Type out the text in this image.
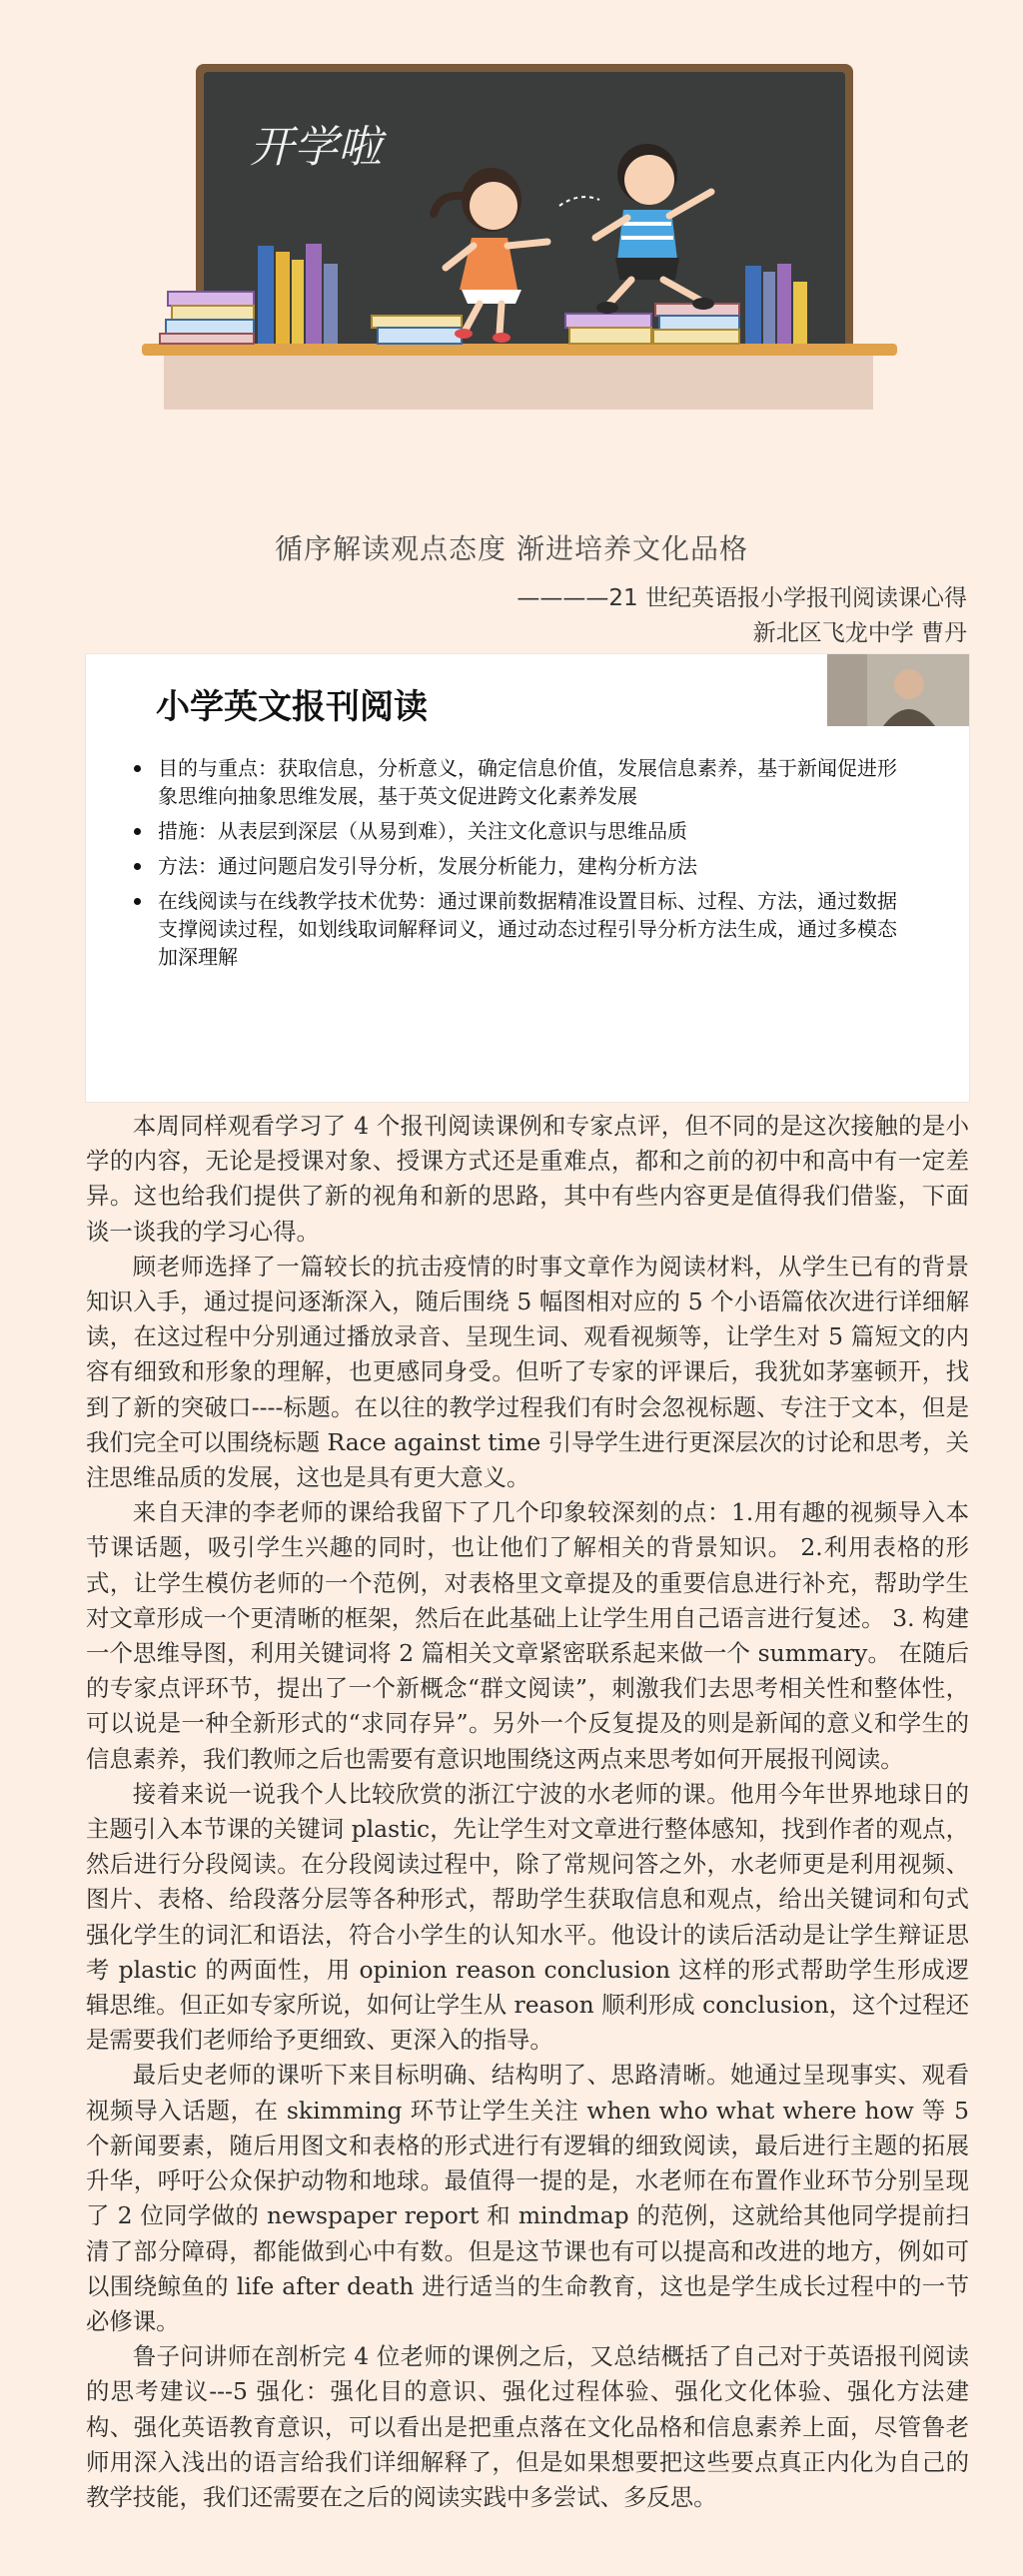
开学啦
循序解读观点态度 渐进培养文化品格
————21 世纪英语报小学报刊阅读课心得
新北区飞龙中学 曹丹
小学英文报刊阅读
目的与重点：获取信息，分析意义，确定信息价值，发展信息素养，基于新闻促进形象思维向抽象思维发展，基于英文促进跨文化素养发展
措施：从表层到深层（从易到难），关注文化意识与思维品质
方法：通过问题启发引导分析，发展分析能力，建构分析方法
在线阅读与在线教学技术优势：通过课前数据精准设置目标、过程、方法，通过数据支撑阅读过程，如划线取词解释词义，通过动态过程引导分析方法生成，通过多模态加深理解

本周同样观看学习了 4 个报刊阅读课例和专家点评，但不同的是这次接触的是小学的内容，无论是授课对象、授课方式还是重难点，都和之前的初中和高中有一定差异。这也给我们提供了新的视角和新的思路，其中有些内容更是值得我们借鉴，下面谈一谈我的学习心得。

顾老师选择了一篇较长的抗击疫情的时事文章作为阅读材料，从学生已有的背景知识入手，通过提问逐渐深入，随后围绕 5 幅图相对应的 5 个小语篇依次进行详细解读，在这过程中分别通过播放录音、呈现生词、观看视频等，让学生对 5 篇短文的内容有细致和形象的理解，也更感同身受。但听了专家的评课后，我犹如茅塞顿开，找到了新的突破口----标题。在以往的教学过程我们有时会忽视标题、专注于文本，但是我们完全可以围绕标题 Race against time 引导学生进行更深层次的讨论和思考，关注思维品质的发展，这也是具有更大意义。

来自天津的李老师的课给我留下了几个印象较深刻的点：1.用有趣的视频导入本节课话题，吸引学生兴趣的同时，也让他们了解相关的背景知识。 2.利用表格的形式，让学生模仿老师的一个范例，对表格里文章提及的重要信息进行补充，帮助学生对文章形成一个更清晰的框架，然后在此基础上让学生用自己语言进行复述。 3. 构建一个思维导图，利用关键词将 2 篇相关文章紧密联系起来做一个 summary。 在随后的专家点评环节，提出了一个新概念“群文阅读”，刺激我们去思考相关性和整体性，可以说是一种全新形式的“求同存异”。另外一个反复提及的则是新闻的意义和学生的信息素养，我们教师之后也需要有意识地围绕这两点来思考如何开展报刊阅读。

接着来说一说我个人比较欣赏的浙江宁波的水老师的课。他用今年世界地球日的主题引入本节课的关键词 plastic，先让学生对文章进行整体感知，找到作者的观点，然后进行分段阅读。在分段阅读过程中，除了常规问答之外，水老师更是利用视频、图片、表格、给段落分层等各种形式，帮助学生获取信息和观点，给出关键词和句式强化学生的词汇和语法，符合小学生的认知水平。他设计的读后活动是让学生辩证思考 plastic 的两面性，用 opinion reason conclusion 这样的形式帮助学生形成逻辑思维。但正如专家所说，如何让学生从 reason 顺利形成 conclusion，这个过程还是需要我们老师给予更细致、更深入的指导。

最后史老师的课听下来目标明确、结构明了、思路清晰。她通过呈现事实、观看视频导入话题，在 skimming 环节让学生关注 when who what where how 等 5 个新闻要素，随后用图文和表格的形式进行有逻辑的细致阅读，最后进行主题的拓展升华，呼吁公众保护动物和地球。最值得一提的是，水老师在布置作业环节分别呈现了 2 位同学做的 newspaper report 和 mindmap 的范例，这就给其他同学提前扫清了部分障碍，都能做到心中有数。但是这节课也有可以提高和改进的地方，例如可以围绕鲸鱼的 life after death 进行适当的生命教育，这也是学生成长过程中的一节必修课。

鲁子问讲师在剖析完 4 位老师的课例之后，又总结概括了自己对于英语报刊阅读的思考建议---5 强化：强化目的意识、强化过程体验、强化文化体验、强化方法建构、强化英语教育意识，可以看出是把重点落在文化品格和信息素养上面，尽管鲁老师用深入浅出的语言给我们详细解释了，但是如果想要把这些要点真正内化为自己的教学技能，我们还需要在之后的阅读实践中多尝试、多反思。
